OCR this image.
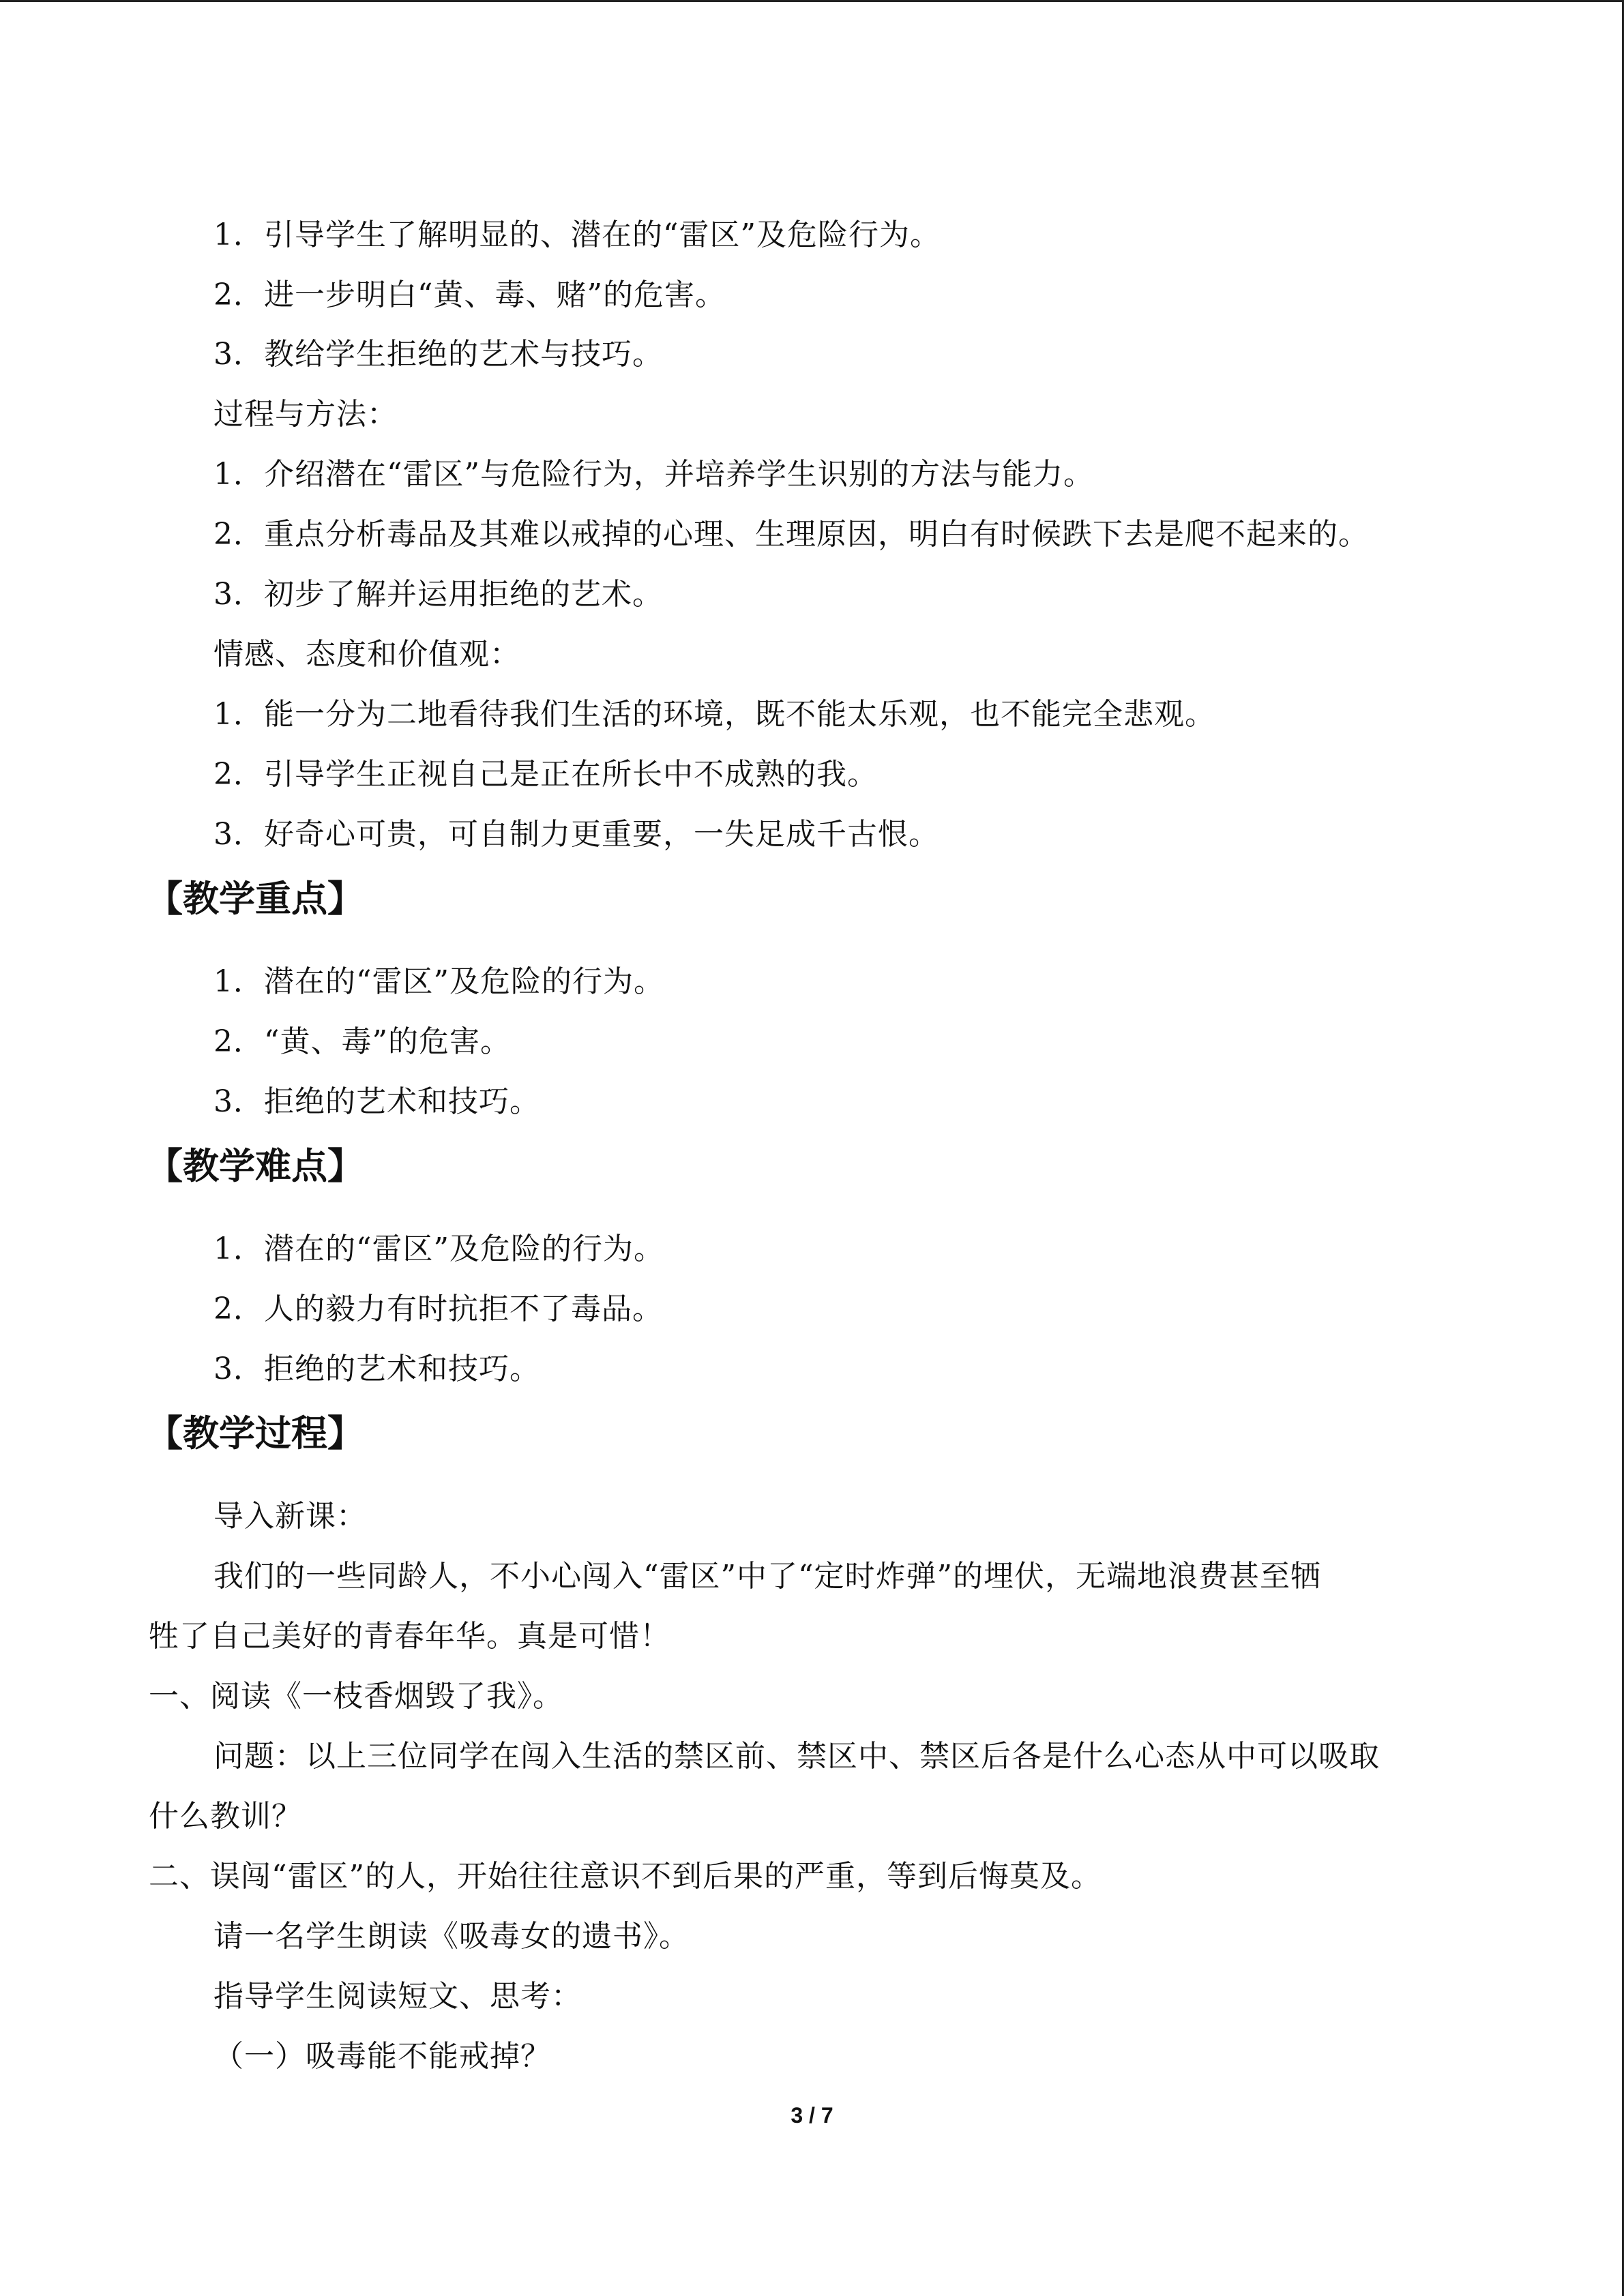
1．引导学生了解明显的、潜在的“雷区”及危险行为。
2．进一步明白“黄、毒、赌”的危害。
3．教给学生拒绝的艺术与技巧。
过程与方法：
1．介绍潜在“雷区”与危险行为，并培养学生识别的方法与能力。
2．重点分析毒品及其难以戒掉的心理、生理原因，明白有时候跌下去是爬不起来的。
3．初步了解并运用拒绝的艺术。
情感、态度和价值观：
1．能一分为二地看待我们生活的环境，既不能太乐观，也不能完全悲观。
2．引导学生正视自己是正在所长中不成熟的我。
3．好奇心可贵，可自制力更重要，一失足成千古恨。
【教学重点】
1．潜在的“雷区”及危险的行为。
2．“黄、毒”的危害。
3．拒绝的艺术和技巧。
【教学难点】
1．潜在的“雷区”及危险的行为。
2．人的毅力有时抗拒不了毒品。
3．拒绝的艺术和技巧。
【教学过程】
导入新课：
我们的一些同龄人，不小心闯入“雷区”中了“定时炸弹”的埋伏，无端地浪费甚至牺
牲了自己美好的青春年华。真是可惜！
一、阅读《一枝香烟毁了我》。
问题：以上三位同学在闯入生活的禁区前、禁区中、禁区后各是什么心态从中可以吸取
什么教训？
二、误闯“雷区”的人，开始往往意识不到后果的严重，等到后悔莫及。
请一名学生朗读《吸毒女的遗书》。
指导学生阅读短文、思考：
（一）吸毒能不能戒掉？
3 / 7
